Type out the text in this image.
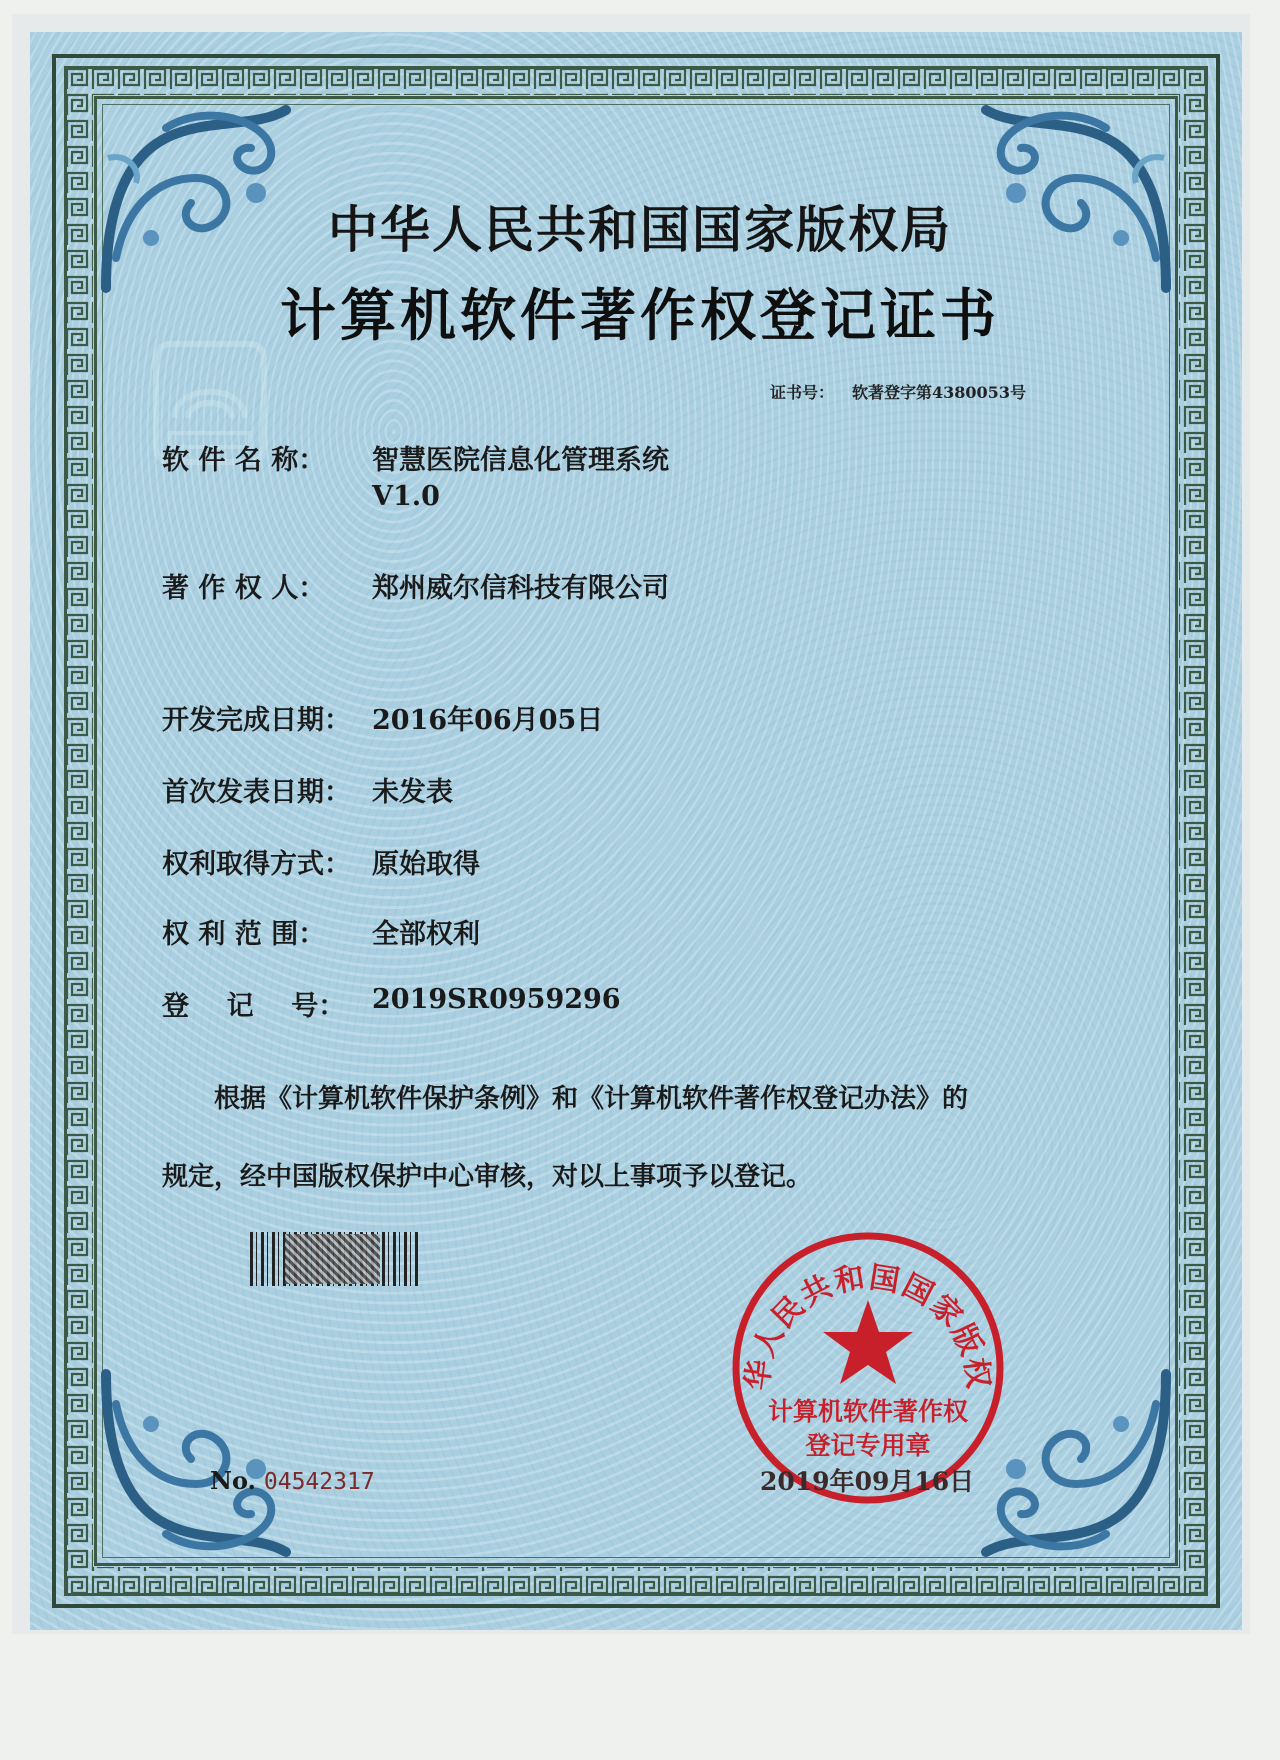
中华人民共和国国家版权局
计算机软件著作权登记证书
证书号： 软著登字第4380053号
软 件 名 称： 智慧医院信息化管理系统
V1.0
著 作 权 人： 郑州威尔信科技有限公司
开发完成日期： 2016年06月05日
首次发表日期： 未发表
权利取得方式： 原始取得
权 利 范 围： 全部权利
登    记    号： 2019SR0959296
根据《计算机软件保护条例》和《计算机软件著作权登记办法》的
规定，经中国版权保护中心审核，对以上事项予以登记。
No. 04542317
华人民共和国国家版权
计算机软件著作权
登记专用章
2019年09月16日
